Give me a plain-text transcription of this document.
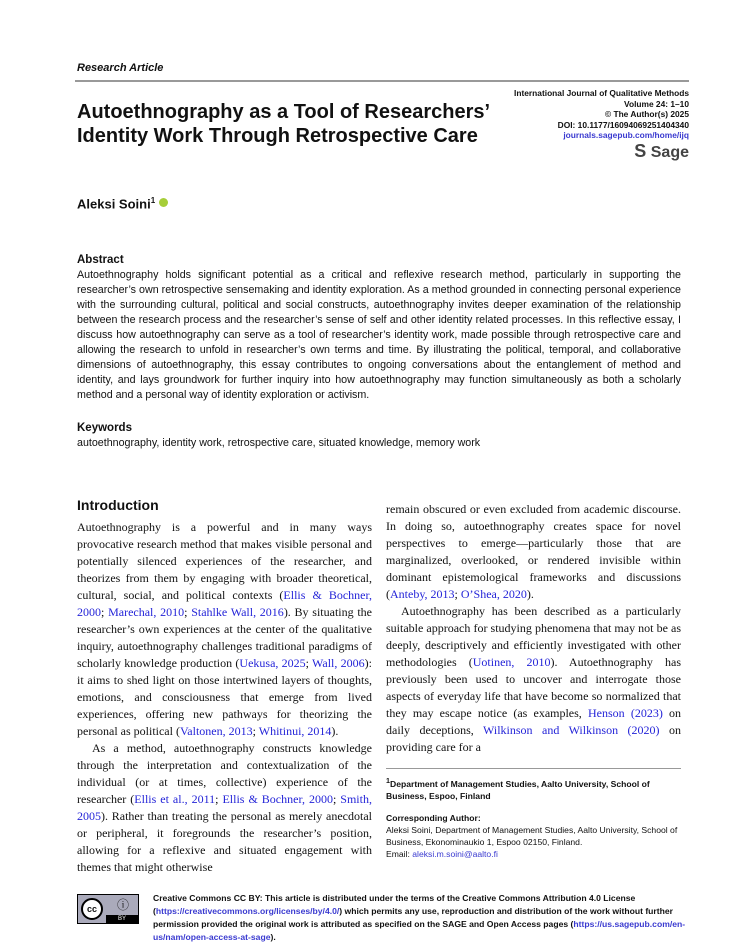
Research Article
Autoethnography as a Tool of Researchers’ Identity Work Through Retrospective Care
International Journal of Qualitative Methods
Volume 24: 1–10
© The Author(s) 2025
DOI: 10.1177/16094069251404340
journals.sagepub.com/home/ijq
S Sage
Aleksi Soini$^1$
Abstract
Autoethnography holds significant potential as a critical and reflexive research method, particularly in supporting the researcher’s own retrospective sensemaking and identity exploration. As a method grounded in connecting personal experience with the surrounding cultural, political and social constructs, autoethnography invites deeper examination of the relationship between the research process and the researcher’s sense of self and other identity related processes. In this reflective essay, I discuss how autoethnography can serve as a tool of researcher’s identity work, made possible through retrospective care and allowing the research to unfold in researcher’s own terms and time. By illustrating the political, temporal, and collaborative dimensions of autoethnography, this essay contributes to ongoing conversations about the entanglement of method and identity, and lays groundwork for further inquiry into how autoethnography may function simultaneously as both a scholarly method and a personal way of identity exploration or activism.
Keywords
autoethnography, identity work, retrospective care, situated knowledge, memory work
Introduction

Autoethnography is a powerful and in many ways provocative research method that makes visible personal and potentially silenced experiences of the researcher, and theorizes from them by engaging with broader theoretical, cultural, social, and political contexts (Ellis & Bochner, 2000; Marechal, 2010; Stahlke Wall, 2016). By situating the researcher’s own experiences at the center of the qualitative inquiry, autoethnography challenges traditional paradigms of scholarly knowledge production (Uekusa, 2025; Wall, 2006): it aims to shed light on those intertwined layers of thoughts, emotions, and consciousness that emerge from lived experiences, offering new pathways for theorizing the personal as political (Valtonen, 2013; Whitinui, 2014).

As a method, autoethnography constructs knowledge through the interpretation and contextualization of the individual (or at times, collective) experience of the researcher (Ellis et al., 2011; Ellis & Bochner, 2000; Smith, 2005). Rather than treating the personal as merely anecdotal or peripheral, it foregrounds the researcher’s position, allowing for a reflexive and situated engagement with themes that might otherwise

remain obscured or even excluded from academic discourse. In doing so, autoethnography creates space for novel perspectives to emerge—particularly those that are marginalized, overlooked, or rendered invisible within dominant epistemological frameworks and discussions (Anteby, 2013; O’Shea, 2020).

Autoethnography has been described as a particularly suitable approach for studying phenomena that may not be as deeply, descriptively and efficiently investigated with other methodologies (Uotinen, 2010). Autoethnography has previously been used to uncover and interrogate those aspects of everyday life that have become so normalized that they may escape notice (as examples, Henson (2023) on daily deceptions, Wilkinson and Wilkinson (2020) on providing care for a

$^1$Department of Management Studies, Aalto University, School of Business, Espoo, Finland
Corresponding Author:
Aleksi Soini, Department of Management Studies, Aalto University, School of Business, Ekonominaukio 1, Espoo 02150, Finland.
Email: aleksi.m.soini@aalto.fi
cc	ⓘ
BY
Creative Commons CC BY: This article is distributed under the terms of the Creative Commons Attribution 4.0 License (https://creativecommons.org/licenses/by/4.0/) which permits any use, reproduction and distribution of the work without further permission provided the original work is attributed as specified on the SAGE and Open Access pages (https://us.sagepub.com/en-us/nam/open-access-at-sage).
